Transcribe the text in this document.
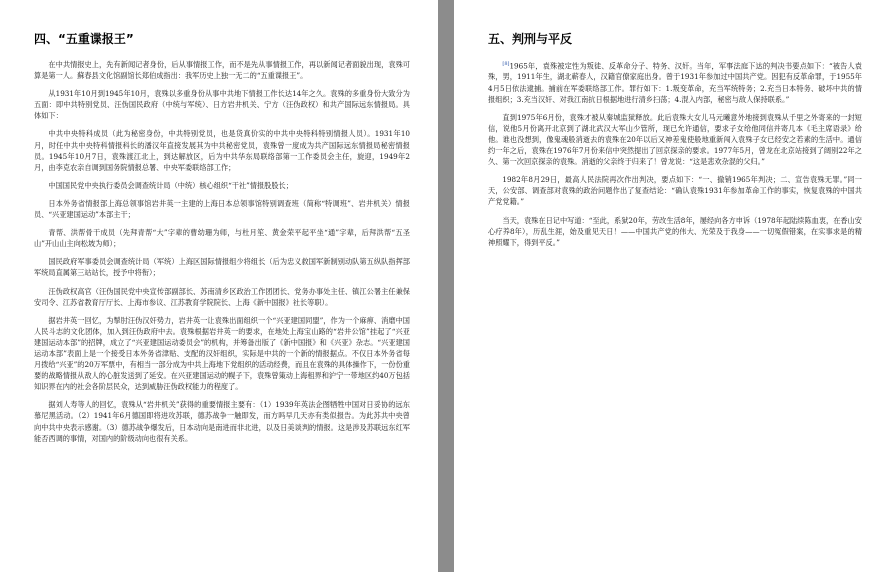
四、“五重谍报王”

在中共情报史上，先有新闻记者身份，后从事情报工作，而不是先从事情报工作，再以新闻记者面貌出现，袁殊可算是第一人。蘇春县文化馆副馆长郑伯成指出：我军历史上独一无二的“五重谍报王”。

从1931年10月到1945年10月，袁殊以多重身份从事中共地下情报工作长达14年之久。袁殊的多重身份大致分为五面：即中共特别党员、汪伪国民政府（中统与军统）、日方岩井机关、宁方（汪伪政权）和共产国际远东情报局。具体如下：

中共中央特科成员（此为秘密身份，中共特别党员，也是货真价实的中共中央特科特别情报人员）。1931年10月，时任中共中央特科情报科长的潘汉年直接发展其为中共秘密党员，袁殊曾一度成为共产国际远东情报局秘密情报员。1945年10月7日，袁殊渡江北上，到达解放区，后为中共华东局联络部第一工作委员会主任，旋迎，1949年2月，由李克农亲自调到国务院情报总署、中央军委联络部工作；

中国国民党中央执行委员会调查统计局（中统）核心组织“干社”情报股股长；

日本外务省情报部上海总领事馆岩井英一主建的上海日本总领事馆特别调查班（简称“特调班”、岩井机关）情报员、“兴亚建国运动”本部主干；

青帮、洪帮骨干成员（先拜青帮“大”字辈的曹幼珊为师，与杜月笙、黄金荣平起平坐“通”字辈，后拜洪帮“五圣山”开山山主向松坡为师）；

国民政府军事委员会调查统计局（军统）上海区国际情报组少将组长（后为忠义救国军新制别动队第五纵队指挥部军统局直属第三站站长，授予中将衔）；

汪伪政权高官（汪伪国民党中央宣传部副部长、苏南清乡区政治工作团团长、党务办事处主任、镇江公署主任兼保安司令、江苏省教育厅厅长、上海市参议、江苏教育学院院长、上海《新中国报》社长等职）。

据岩井英一回忆，为掣肘汪伪汉奸势力，岩井英一让袁殊出面组织一个“兴亚建国同盟”，作为一个麻痹、消磨中国人民斗志的文化团体，加入到汪伪政府中去。袁殊根据岩井英一的要求，在地处上海宝山路的“岩井公馆”挂起了“兴亚建国运动本部”的招牌，成立了“兴亚建国运动委员会”的机构，并筹备出版了《新中国报》和《兴亚》杂志。“兴亚建国运动本部”表面上是一个接受日本外务省津贴、支配的汉奸组织，实际是中共的一个新的情报据点。不仅日本外务省每月拨给“兴亚”的20万军票中，有相当一部分成为中共上海地下党组织的活动经费，而且在袁殊的具体操作下，一份份重要的战略情报从敌人的心脏发送到了延安。在兴亚建国运动的幌子下，袁殊曾策动上海租界和沪宁一带地区约40万包括知识界在内的社会各阶层民众，达到威胁汪伪政权能力的程度了。

据刘人寿等人的回忆，袁殊从“岩井机关”获得的重要情报主要有：（1）1939年英法企图牺牲中国对日妥协的远东慕尼黑活动。（2）1941年6月德国即将进攻苏联，德苏战争一触即发，而方吗早几天亦有类似报告。为此苏共中央曾向中共中央表示感谢。（3）德苏战争爆发后，日本动向是南进而非北进，以及日美谈判的情报。这是涉及苏联远东红军能否西调的事情，对国内的阶级动向也很有关系。

五、判刑与平反

[8]1965年，袁殊被定性为叛徒、反革命分子、特务、汉奸。当年，军事法庭下达的判决书要点如下：“被告人袁殊，男，1911年生，湖北蕲春人，汉籍官僚家庭出身。曾于1931年参加过中国共产党。因犯有反革命罪，于1955年4月5日依法逮捕。捕前在军委联络部工作。罪行如下：1.叛变革命，充当军统特务；2.充当日本特务、破坏中共的情报组织；3.充当汉奸、对我江南抗日根据地进行清乡扫荡；4.混入内部，秘密与敌人保持联系。”

直到1975年6月份，袁殊才被从秦城监狱释放。此后袁殊大女儿马元曦意外地接到袁殊从千里之外寄来的一封短信，说他5月份离开北京到了湖北武汉大军山少管所，现已允许通信，要求子女给他同信并寄几本《毛主席语录》给他。谁也没想到，像鬼魂般消逝去的袁殊在20年以后又神差鬼使般地重新闯入袁殊子女已经安之若素的生活中。通信约一年之后，袁殊在1976年7月份来信中突然提出了回京探亲的要求。1977年5月，曾龙在北京站接到了阔别22年之久、第一次回京探亲的袁殊。消逝的父亲终于归来了！曾龙说：“这是悲欢杂混的父归。”

1982年8月29日，最高人民法院再次作出判决，要点如下：“一、撤销1965年判决；二、宣告袁殊无罪。”同一天，公安部、调查部对袁殊的政治问题作出了复查结论：“确认袁殊1931年参加革命工作的事实，恢复袁殊的中国共产党党籍。”

当天，袁殊在日记中写道：“至此，系狱20年，劳改生活8年，屡经向各方申诉（1978年起陆续陈血衷，在香山安心疗养8年），历乱生涯，始及重见天日！——中国共产党的伟大、光荣及于我身——一切冤假错案，在实事求是的精神照耀下，得到平反。”
